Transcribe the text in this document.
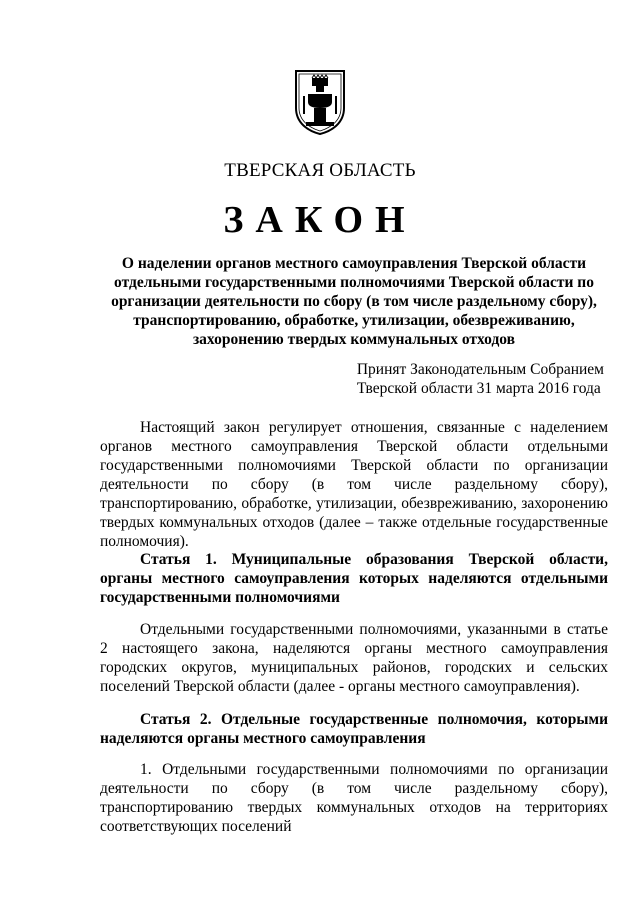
ТВЕРСКАЯ ОБЛАСТЬ
ЗАКОН
О наделении органов местного самоуправления Тверской области отдельными государственными полномочиями Тверской области по организации деятельности по сбору (в том числе раздельному сбору), транспортированию, обработке, утилизации, обезвреживанию, захоронению твердых коммунальных отходов
Принят Законодательным Собранием
Тверской области 31 марта 2016 года
Настоящий закон регулирует отношения, связанные с наделением органов местного самоуправления Тверской области отдельными государственными полномочиями Тверской области по организации деятельности по сбору (в том числе раздельному сбору), транспортированию, обработке, утилизации, обезвреживанию, захоронению твердых коммунальных отходов (далее – также отдельные государственные полномочия).
Статья 1. Муниципальные образования Тверской области, органы местного самоуправления которых наделяются отдельными государственными полномочиями
Отдельными государственными полномочиями, указанными в статье 2 настоящего закона, наделяются органы местного самоуправления городских округов, муниципальных районов, городских и сельских поселений Тверской области (далее - органы местного самоуправления).
Статья 2. Отдельные государственные полномочия, которыми наделяются органы местного самоуправления
1. Отдельными государственными полномочиями по организации деятельности по сбору (в том числе раздельному сбору), транспортированию твердых коммунальных отходов на территориях соответствующих поселений
